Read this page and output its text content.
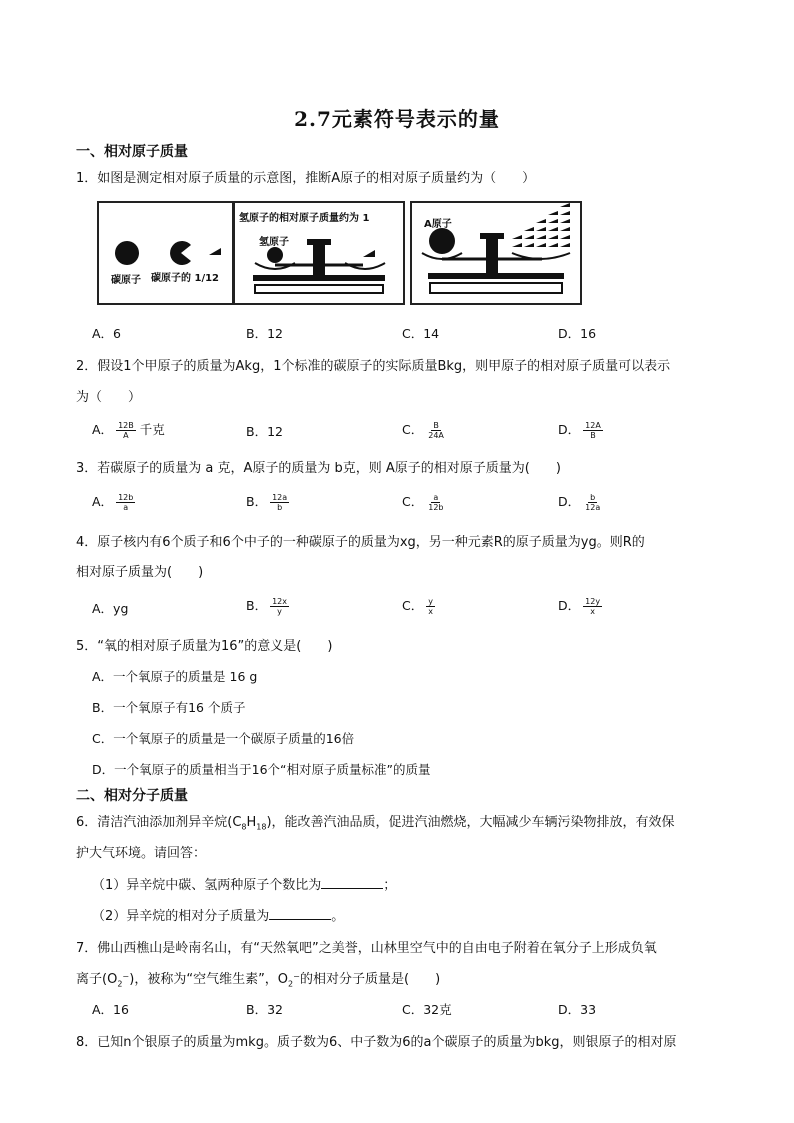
2.7元素符号表示的量
一、相对原子质量
1．如图是测定相对原子质量的示意图，推断A原子的相对原子质量约为（　　）
碳原子 碳原子的 1/12
氢原子的相对原子质量约为 1
氢原子
A原子
A．6	B．12	C．14	D．16
2．假设1个甲原子的质量为Akg，1个标准的碳原子的实际质量Bkg，则甲原子的相对原子质量可以表示
为（　　）
A． $\frac{12B}{A}$ 千克	B．12	C． $\frac{B}{24A}$	D． $\frac{12A}{B}$
3．若碳原子的质量为 a 克，A原子的质量为 b克，则 A原子的相对原子质量为(　　)
A． $\frac{12b}{a}$	B． $\frac{12a}{b}$	C． $\frac{a}{12b}$	D． $\frac{b}{12a}$
4．原子核内有6个质子和6个中子的一种碳原子的质量为xg，另一种元素R的原子质量为yg。则R的
相对原子质量为(　　)
A．yg	B． $\frac{12x}{y}$	C． $\frac{y}{x}$	D． $\frac{12y}{x}$
5．“氧的相对原子质量为16”的意义是(　　)
A．一个氧原子的质量是 16 g
B．一个氧原子有16 个质子
C．一个氧原子的质量是一个碳原子质量的16倍
D．一个氧原子的质量相当于16个“相对原子质量标准”的质量
二、相对分子质量
6．清洁汽油添加剂异辛烷$(C_8H_{18})$，能改善汽油品质，促进汽油燃烧，大幅减少车辆污染物排放，有效保
护大气环境。请回答：
（1）异辛烷中碳、氢两种原子个数比为	；
（2）异辛烷的相对分子质量为	。
7．佛山西樵山是岭南名山，有“天然氧吧”之美誉，山林里空气中的自由电子附着在氧分子上形成负氧
离子$(O_2^-)$，被称为“空气维生素”，$O_2^-$的相对分子质量是(　　)
A．16	B．32	C．32克	D．33
8．已知n个银原子的质量为mkg。质子数为6、中子数为6的a个碳原子的质量为bkg，则银原子的相对原
